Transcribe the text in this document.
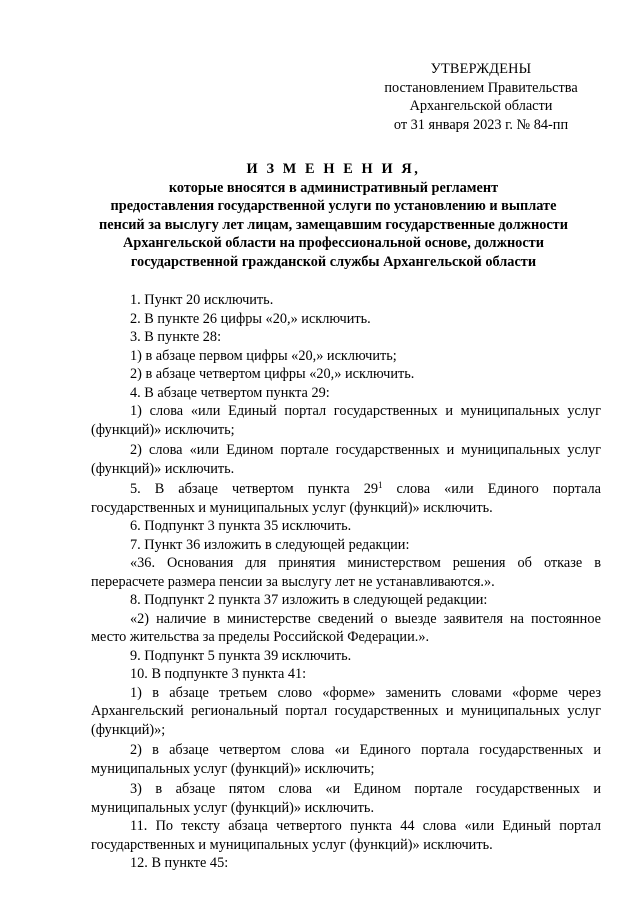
УТВЕРЖДЕНЫ
постановлением Правительства
Архангельской области
от 31 января 2023 г. № 84-пп
И З М Е Н Е Н И Я,
которые вносятся в административный регламент
предоставления государственной услуги по установлению и выплате
пенсий за выслугу лет лицам, замещавшим государственные должности
Архангельской области на профессиональной основе, должности
государственной гражданской службы Архангельской области

1. Пункт 20 исключить.

2. В пункте 26 цифры «20,» исключить.

3. В пункте 28:

1) в абзаце первом цифры «20,» исключить;

2) в абзаце четвертом цифры «20,» исключить.

4. В абзаце четвертом пункта 29:

1) слова «или Единый портал государственных и муниципальных услуг (функций)» исключить;

2) слова «или Едином портале государственных и муниципальных услуг (функций)» исключить.

5. В абзаце четвертом пункта $29^1$ слова «или Единого портала государственных и муниципальных услуг (функций)» исключить.

6. Подпункт 3 пункта 35 исключить.

7. Пункт 36 изложить в следующей редакции:

«36. Основания для принятия министерством решения об отказе в перерасчете размера пенсии за выслугу лет не устанавливаются.».

8. Подпункт 2 пункта 37 изложить в следующей редакции:

«2) наличие в министерстве сведений о выезде заявителя на постоянное место жительства за пределы Российской Федерации.».

9. Подпункт 5 пункта 39 исключить.

10. В подпункте 3 пункта 41:

1) в абзаце третьем слово «форме» заменить словами «форме через Архангельский региональный портал государственных и муниципальных услуг (функций)»;

2) в абзаце четвертом слова «и Единого портала государственных и муниципальных услуг (функций)» исключить;

3) в абзаце пятом слова «и Едином портале государственных и муниципальных услуг (функций)» исключить.

11. По тексту абзаца четвертого пункта 44 слова «или Единый портал государственных и муниципальных услуг (функций)» исключить.

12. В пункте 45:
